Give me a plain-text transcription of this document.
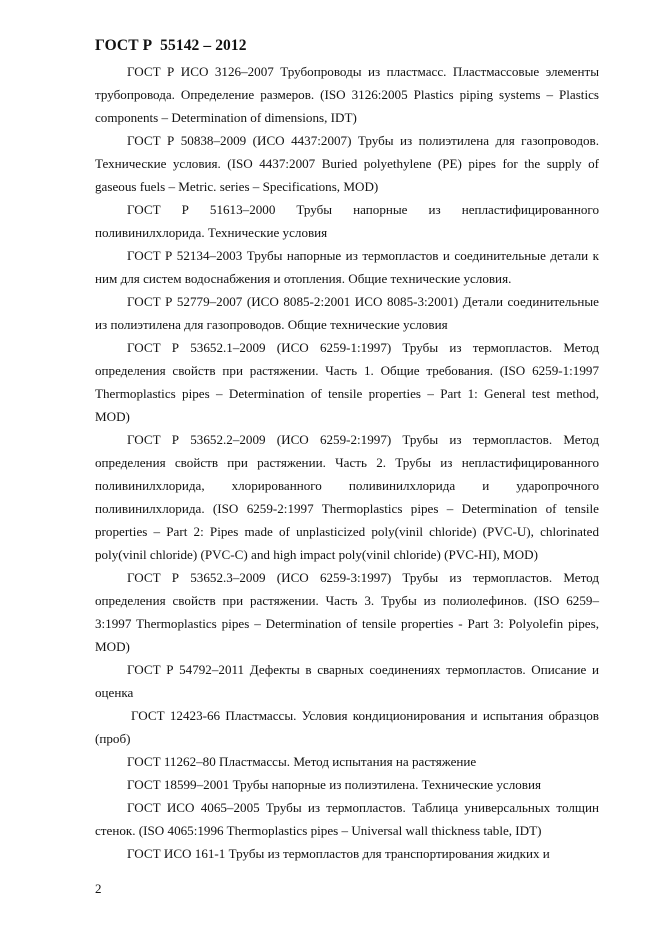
ГОСТ Р  55142 – 2012

ГОСТ Р ИСО 3126–2007 Трубопроводы из пластмасс. Пластмассовые элементы трубопровода. Определение размеров. (ISO 3126:2005 Plastics piping systems – Plastics components – Determination of dimensions, IDT)

ГОСТ Р 50838–2009 (ИСО 4437:2007) Трубы из полиэтилена для газопроводов. Технические условия. (ISO 4437:2007 Buried polyethylene (PE) pipes for the supply of gaseous fuels – Metric. series – Specifications, MOD)

ГОСТ Р 51613–2000 Трубы напорные из непластифицированного поливинилхлорида. Технические условия

ГОСТ Р 52134–2003 Трубы напорные из термопластов и соединительные детали к ним для систем водоснабжения и отопления. Общие технические условия.

ГОСТ Р 52779–2007 (ИСО 8085-2:2001 ИСО 8085-3:2001) Детали соединительные из полиэтилена для газопроводов. Общие технические условия

ГОСТ Р 53652.1–2009 (ИСО 6259-1:1997) Трубы из термопластов. Метод определения свойств при растяжении. Часть 1. Общие требования. (ISO 6259-1:1997 Thermoplastics pipes – Determination of tensile properties – Part 1: General test method, MOD)

ГОСТ Р 53652.2–2009 (ИСО 6259-2:1997) Трубы из термопластов. Метод определения свойств при растяжении. Часть 2. Трубы из непластифицированного поливинилхлорида, хлорированного поливинилхлорида и ударопрочного поливинилхлорида. (ISO 6259-2:1997 Thermoplastics pipes – Determination of tensile properties – Part 2: Pipes made of unplasticized poly(vinil chloride) (PVC-U), chlorinated poly(vinil chloride) (PVC-C) and high impact poly(vinil chloride) (PVC-HI), MOD)

ГОСТ Р 53652.3–2009 (ИСО 6259-3:1997) Трубы из термопластов. Метод определения свойств при растяжении. Часть 3. Трубы из полиолефинов. (ISO 6259–3:1997 Thermoplastics pipes – Determination of tensile properties - Part 3: Polyolefin pipes, MOD)

ГОСТ Р 54792–2011 Дефекты в сварных соединениях термопластов. Описание и оценка

ГОСТ 12423-66 Пластмассы. Условия кондиционирования и испытания образцов (проб)

ГОСТ 11262–80 Пластмассы. Метод испытания на растяжение

ГОСТ 18599–2001 Трубы напорные из полиэтилена. Технические условия

ГОСТ ИСО 4065–2005 Трубы из термопластов. Таблица универсальных толщин стенок. (ISO 4065:1996 Thermoplastics pipes – Universal wall thickness table, IDT)

ГОСТ ИСО 161-1 Трубы из термопластов для транспортирования жидких и

2
